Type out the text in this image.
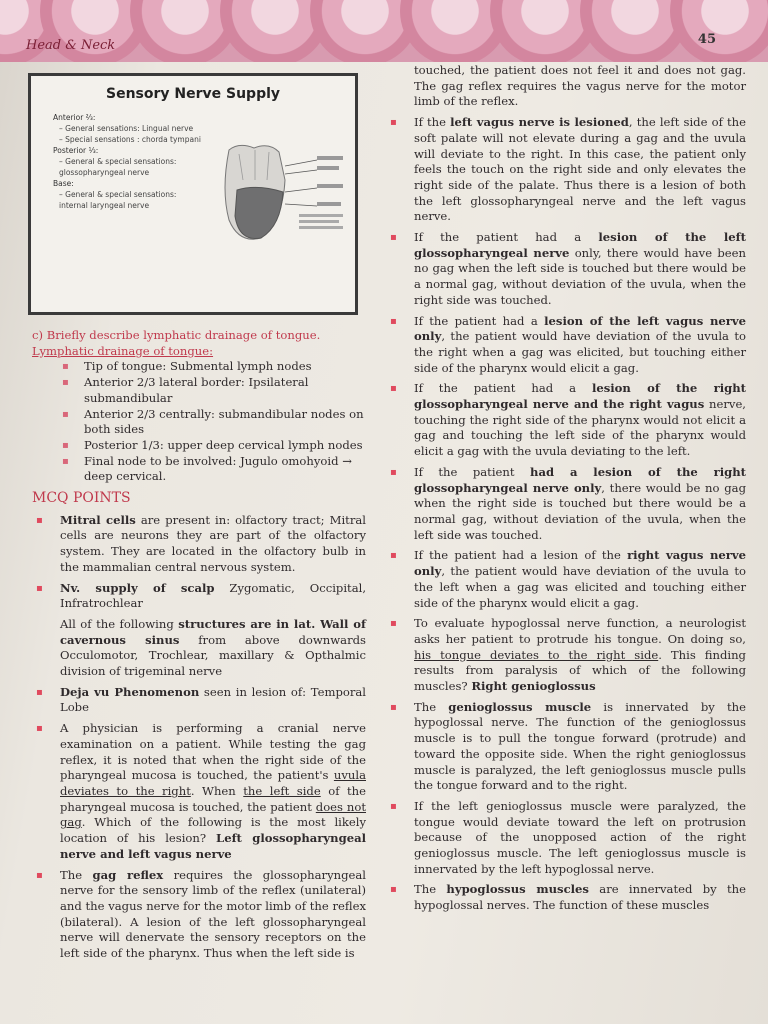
Head & Neck	45
Sensory Nerve Supply
Anterior ⅔:
– General sensations: Lingual nerve
– Special sensations : chorda tympani
Posterior ⅓:
– General & special sensations: glossopharyngeal nerve
Base:
– General & special sensations: internal laryngeal nerve
c) Briefly describe lymphatic drainage of tongue.
Lymphatic drainage of tongue:
▪ Tip of tongue: Submental lymph nodes
▪ Anterior 2/3 lateral border: Ipsilateral submandibular
▪ Anterior 2/3 centrally: submandibular nodes on both sides
▪ Posterior 1/3: upper deep cervical lymph nodes
▪ Final node to be involved: Jugulo omohyoid → deep cervical.
MCQ POINTS
▪ Mitral cells are present in: olfactory tract; Mitral cells are neurons they are part of the olfactory system. They are located in the olfactory bulb in the mammalian central nervous system.
▪ Nv. supply of scalp Zygomatic, Occipital, Infratrochlear

All of the following structures are in lat. Wall of cavernous sinus from above downwards Occulomotor, Trochlear, maxillary & Opthalmic division of trigeminal nerve

▪ Deja vu Phenomenon seen in lesion of: Temporal Lobe
▪ A physician is performing a cranial nerve examination on a patient. While testing the gag reflex, it is noted that when the right side of the pharyngeal mucosa is touched, the patient's uvula deviates to the right. When the left side of the pharyngeal mucosa is touched, the patient does not gag. Which of the following is the most likely location of his lesion? Left glossopharyngeal nerve and left vagus nerve
▪ The gag reflex requires the glossopharyngeal nerve for the sensory limb of the reflex (unilateral) and the vagus nerve for the motor limb of the reflex (bilateral). A lesion of the left glossopharyngeal nerve will denervate the sensory receptors on the left side of the pharynx. Thus when the left side is

touched, the patient does not feel it and does not gag. The gag reflex requires the vagus nerve for the motor limb of the reflex.

▪ If the left vagus nerve is lesioned, the left side of the soft palate will not elevate during a gag and the uvula will deviate to the right. In this case, the patient only feels the touch on the right side and only elevates the right side of the palate. Thus there is a lesion of both the left glossopharyngeal nerve and the left vagus nerve.
▪ If the patient had a lesion of the left glossopharyngeal nerve only, there would have been no gag when the left side is touched but there would be a normal gag, without deviation of the uvula, when the right side was touched.
▪ If the patient had a lesion of the left vagus nerve only, the patient would have deviation of the uvula to the right when a gag was elicited, but touching either side of the pharynx would elicit a gag.
▪ If the patient had a lesion of the right glossopharyngeal nerve and the right vagus nerve, touching the right side of the pharynx would not elicit a gag and touching the left side of the pharynx would elicit a gag with the uvula deviating to the left.
▪ If the patient had a lesion of the right glossopharyngeal nerve only, there would be no gag when the right side is touched but there would be a normal gag, without deviation of the uvula, when the left side was touched.
▪ If the patient had a lesion of the right vagus nerve only, the patient would have deviation of the uvula to the left when a gag was elicited and touching either side of the pharynx would elicit a gag.
▪ To evaluate hypoglossal nerve function, a neurologist asks her patient to protrude his tongue. On doing so, his tongue deviates to the right side. This finding results from paralysis of which of the following muscles? Right genioglossus
▪ The genioglossus muscle is innervated by the hypoglossal nerve. The function of the genioglossus muscle is to pull the tongue forward (protrude) and toward the opposite side. When the right genioglossus muscle is paralyzed, the left genioglossus muscle pulls the tongue forward and to the right.
▪ If the left genioglossus muscle were paralyzed, the tongue would deviate toward the left on protrusion because of the unopposed action of the right genioglossus muscle. The left genioglossus muscle is innervated by the left hypoglossal nerve.
▪ The hypoglossus muscles are innervated by the hypoglossal nerves. The function of these muscles
